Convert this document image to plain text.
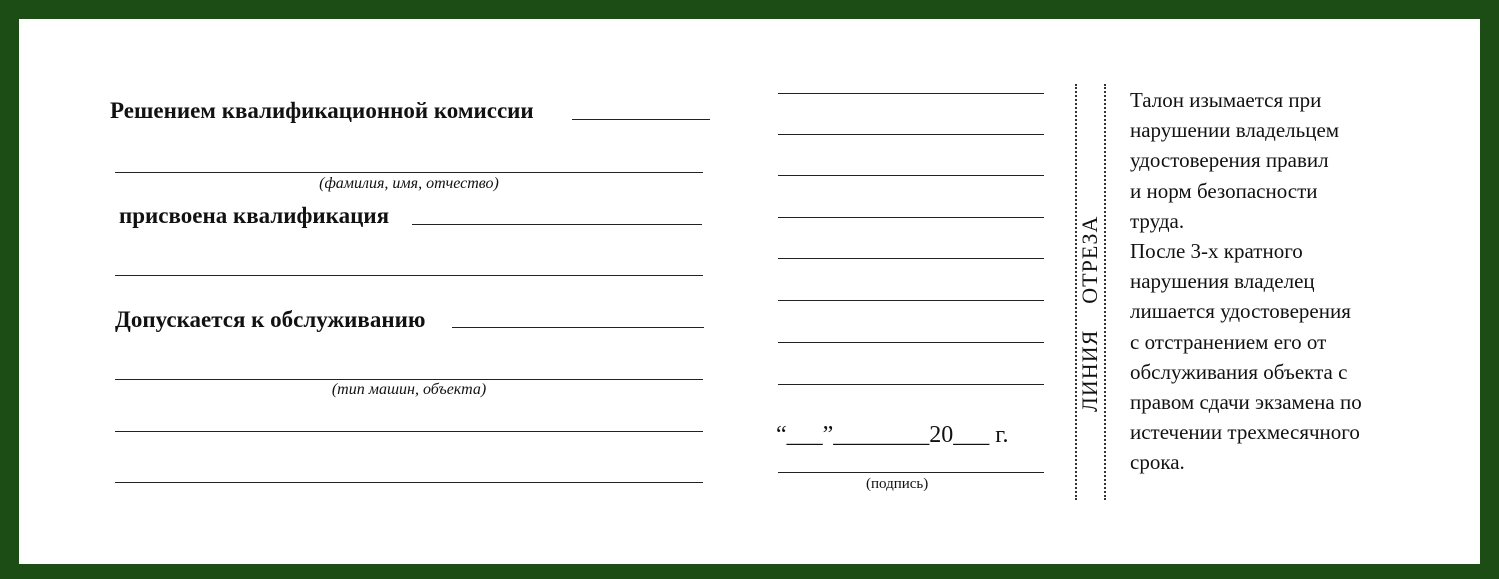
Решением квалификационной комиссии
(фамилия, имя, отчество)
присвоена квалификация
Допускается к обслуживанию
(тип машин, объекта)
“___”________20___ г.
(подпись)
ЛИНИЯ    ОТРЕЗА
Талон изымается при
нарушении владельцем
удостоверения правил
и норм безопасности
труда.
После 3-х кратного
нарушения владелец
лишается удостоверения
с отстранением его от
обслуживания объекта с
правом сдачи экзамена по
истечении трехмесячного
срока.
